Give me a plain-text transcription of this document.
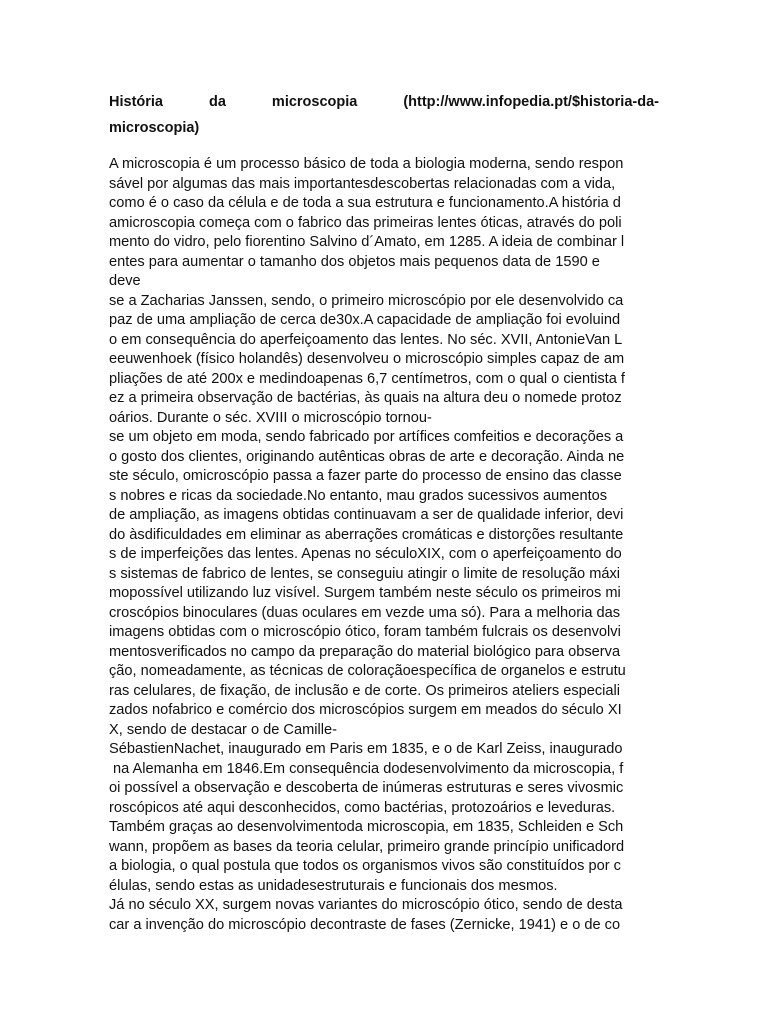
História	da	microscopia	(http://www.infopedia.pt/$historia-da-
microscopia)
A microscopia é um processo básico de toda a biologia moderna, sendo respon
sável por algumas das mais importantesdescobertas relacionadas com a vida,
como é o caso da célula e de toda a sua estrutura e funcionamento.A história d
amicroscopia começa com o fabrico das primeiras lentes óticas, através do poli
mento do vidro, pelo fiorentino Salvino d´Amato, em 1285. A ideia de combinar l
entes para aumentar o tamanho dos objetos mais pequenos data de 1590 e
deve
se a Zacharias Janssen, sendo, o primeiro microscópio por ele desenvolvido ca
paz de uma ampliação de cerca de30x.A capacidade de ampliação foi evoluind
o em consequência do aperfeiçoamento das lentes. No séc. XVII, AntonieVan L
eeuwenhoek (físico holandês) desenvolveu o microscópio simples capaz de am
pliações de até 200x e medindoapenas 6,7 centímetros, com o qual o cientista f
ez a primeira observação de bactérias, às quais na altura deu o nomede protoz
oários. Durante o séc. XVIII o microscópio tornou-
se um objeto em moda, sendo fabricado por artífices comfeitios e decorações a
o gosto dos clientes, originando autênticas obras de arte e decoração. Ainda ne
ste século, omicroscópio passa a fazer parte do processo de ensino das classe
s nobres e ricas da sociedade.No entanto, mau grados sucessivos aumentos
de ampliação, as imagens obtidas continuavam a ser de qualidade inferior, devi
do àsdificuldades em eliminar as aberrações cromáticas e distorções resultante
s de imperfeições das lentes. Apenas no séculoXIX, com o aperfeiçoamento do
s sistemas de fabrico de lentes, se conseguiu atingir o limite de resolução máxi
mopossível utilizando luz visível. Surgem também neste século os primeiros mi
croscópios binoculares (duas oculares em vezde uma só). Para a melhoria das
imagens obtidas com o microscópio ótico, foram também fulcrais os desenvolvi
mentosverificados no campo da preparação do material biológico para observa
ção, nomeadamente, as técnicas de coloraçãoespecífica de organelos e estrutu
ras celulares, de fixação, de inclusão e de corte. Os primeiros ateliers especiali
zados nofabrico e comércio dos microscópios surgem em meados do século XI
X, sendo de destacar o de Camille-
SébastienNachet, inaugurado em Paris em 1835, e o de Karl Zeiss, inaugurado
na Alemanha em 1846.Em consequência dodesenvolvimento da microscopia, f
oi possível a observação e descoberta de inúmeras estruturas e seres vivosmic
roscópicos até aqui desconhecidos, como bactérias, protozoários e leveduras.
Também graças ao desenvolvimentoda microscopia, em 1835, Schleiden e Sch
wann, propõem as bases da teoria celular, primeiro grande princípio unificadord
a biologia, o qual postula que todos os organismos vivos são constituídos por c
élulas, sendo estas as unidadesestruturais e funcionais dos mesmos.
Já no século XX, surgem novas variantes do microscópio ótico, sendo de desta
car a invenção do microscópio decontraste de fases (Zernicke, 1941) e o de co
